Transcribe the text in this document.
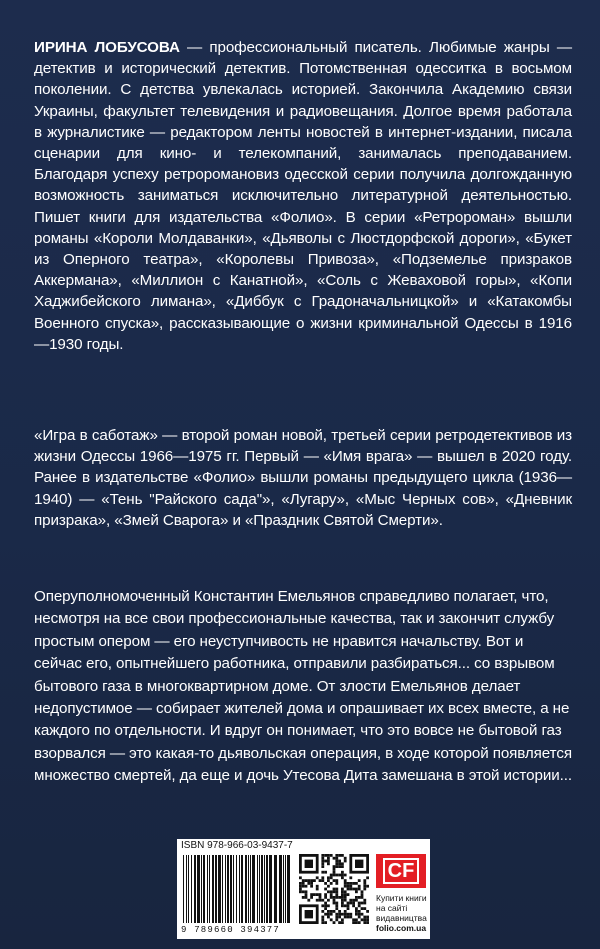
ИРИНА ЛОБУСОВА — профессиональный писатель. Любимые жанры — детектив и исторический детектив. Потомственная одесситка в восьмом поколении. С детства увлекалась историей. Закончила Академию связи Украины, факультет телевидения и радиовещания. Долгое время работала в журналистике — редактором ленты новостей в интернет-издании, писала сценарии для кино- и телекомпаний, занималась преподаванием. Благодаря успеху ретроромановиз одесской серии получила долгожданную возможность заниматься исключительно литературной деятельностью. Пишет книги для издательства «Фолио». В серии «Ретророман» вышли романы «Короли Молдаванки», «Дьяволы с Люстдорфской дороги», «Букет из Оперного театра», «Королевы Привоза», «Подземелье призраков Аккермана», «Миллион с Канатной», «Соль с Жеваховой горы», «Копи Хаджибейского лимана», «Диббук с Градоначальницкой» и «Катакомбы Военного спуска», рассказывающие о жизни криминальной Одессы в 1916—1930 годы.

«Игра в саботаж» — второй роман новой, третьей серии ретродетективов из жизни Одессы 1966—1975 гг. Первый — «Имя врага» — вышел в 2020 году. Ранее в издательстве «Фолио» вышли романы предыдущего цикла (1936—1940) — «Тень "Райского сада"», «Лугару», «Мыс Черных сов», «Дневник призрака», «Змей Сварога» и «Праздник Святой Смерти».

Оперуполномоченный Константин Емельянов справедливо полагает, что, несмотря на все свои профессиональные качества, так и закончит службу простым опером — его неуступчивость не нравится начальству. Вот и сейчас его, опытнейшего работника, отправили разбираться... со взрывом бытового газа в многоквартирном доме. От злости Емельянов делает недопустимое — собирает жителей дома и опрашивает их всех вместе, а не каждого по отдельности. И вдруг он понимает, что это вовсе не бытовой газ взорвался — это какая-то дьявольская операция, в ходе которой появляется множество смертей, да еще и дочь Утесова Дита замешана в этой истории...

ISBN 978-966-03-9437-7
9 789660 394377
CF
Купити книги
на сайті
видавництва
folio.com.ua
